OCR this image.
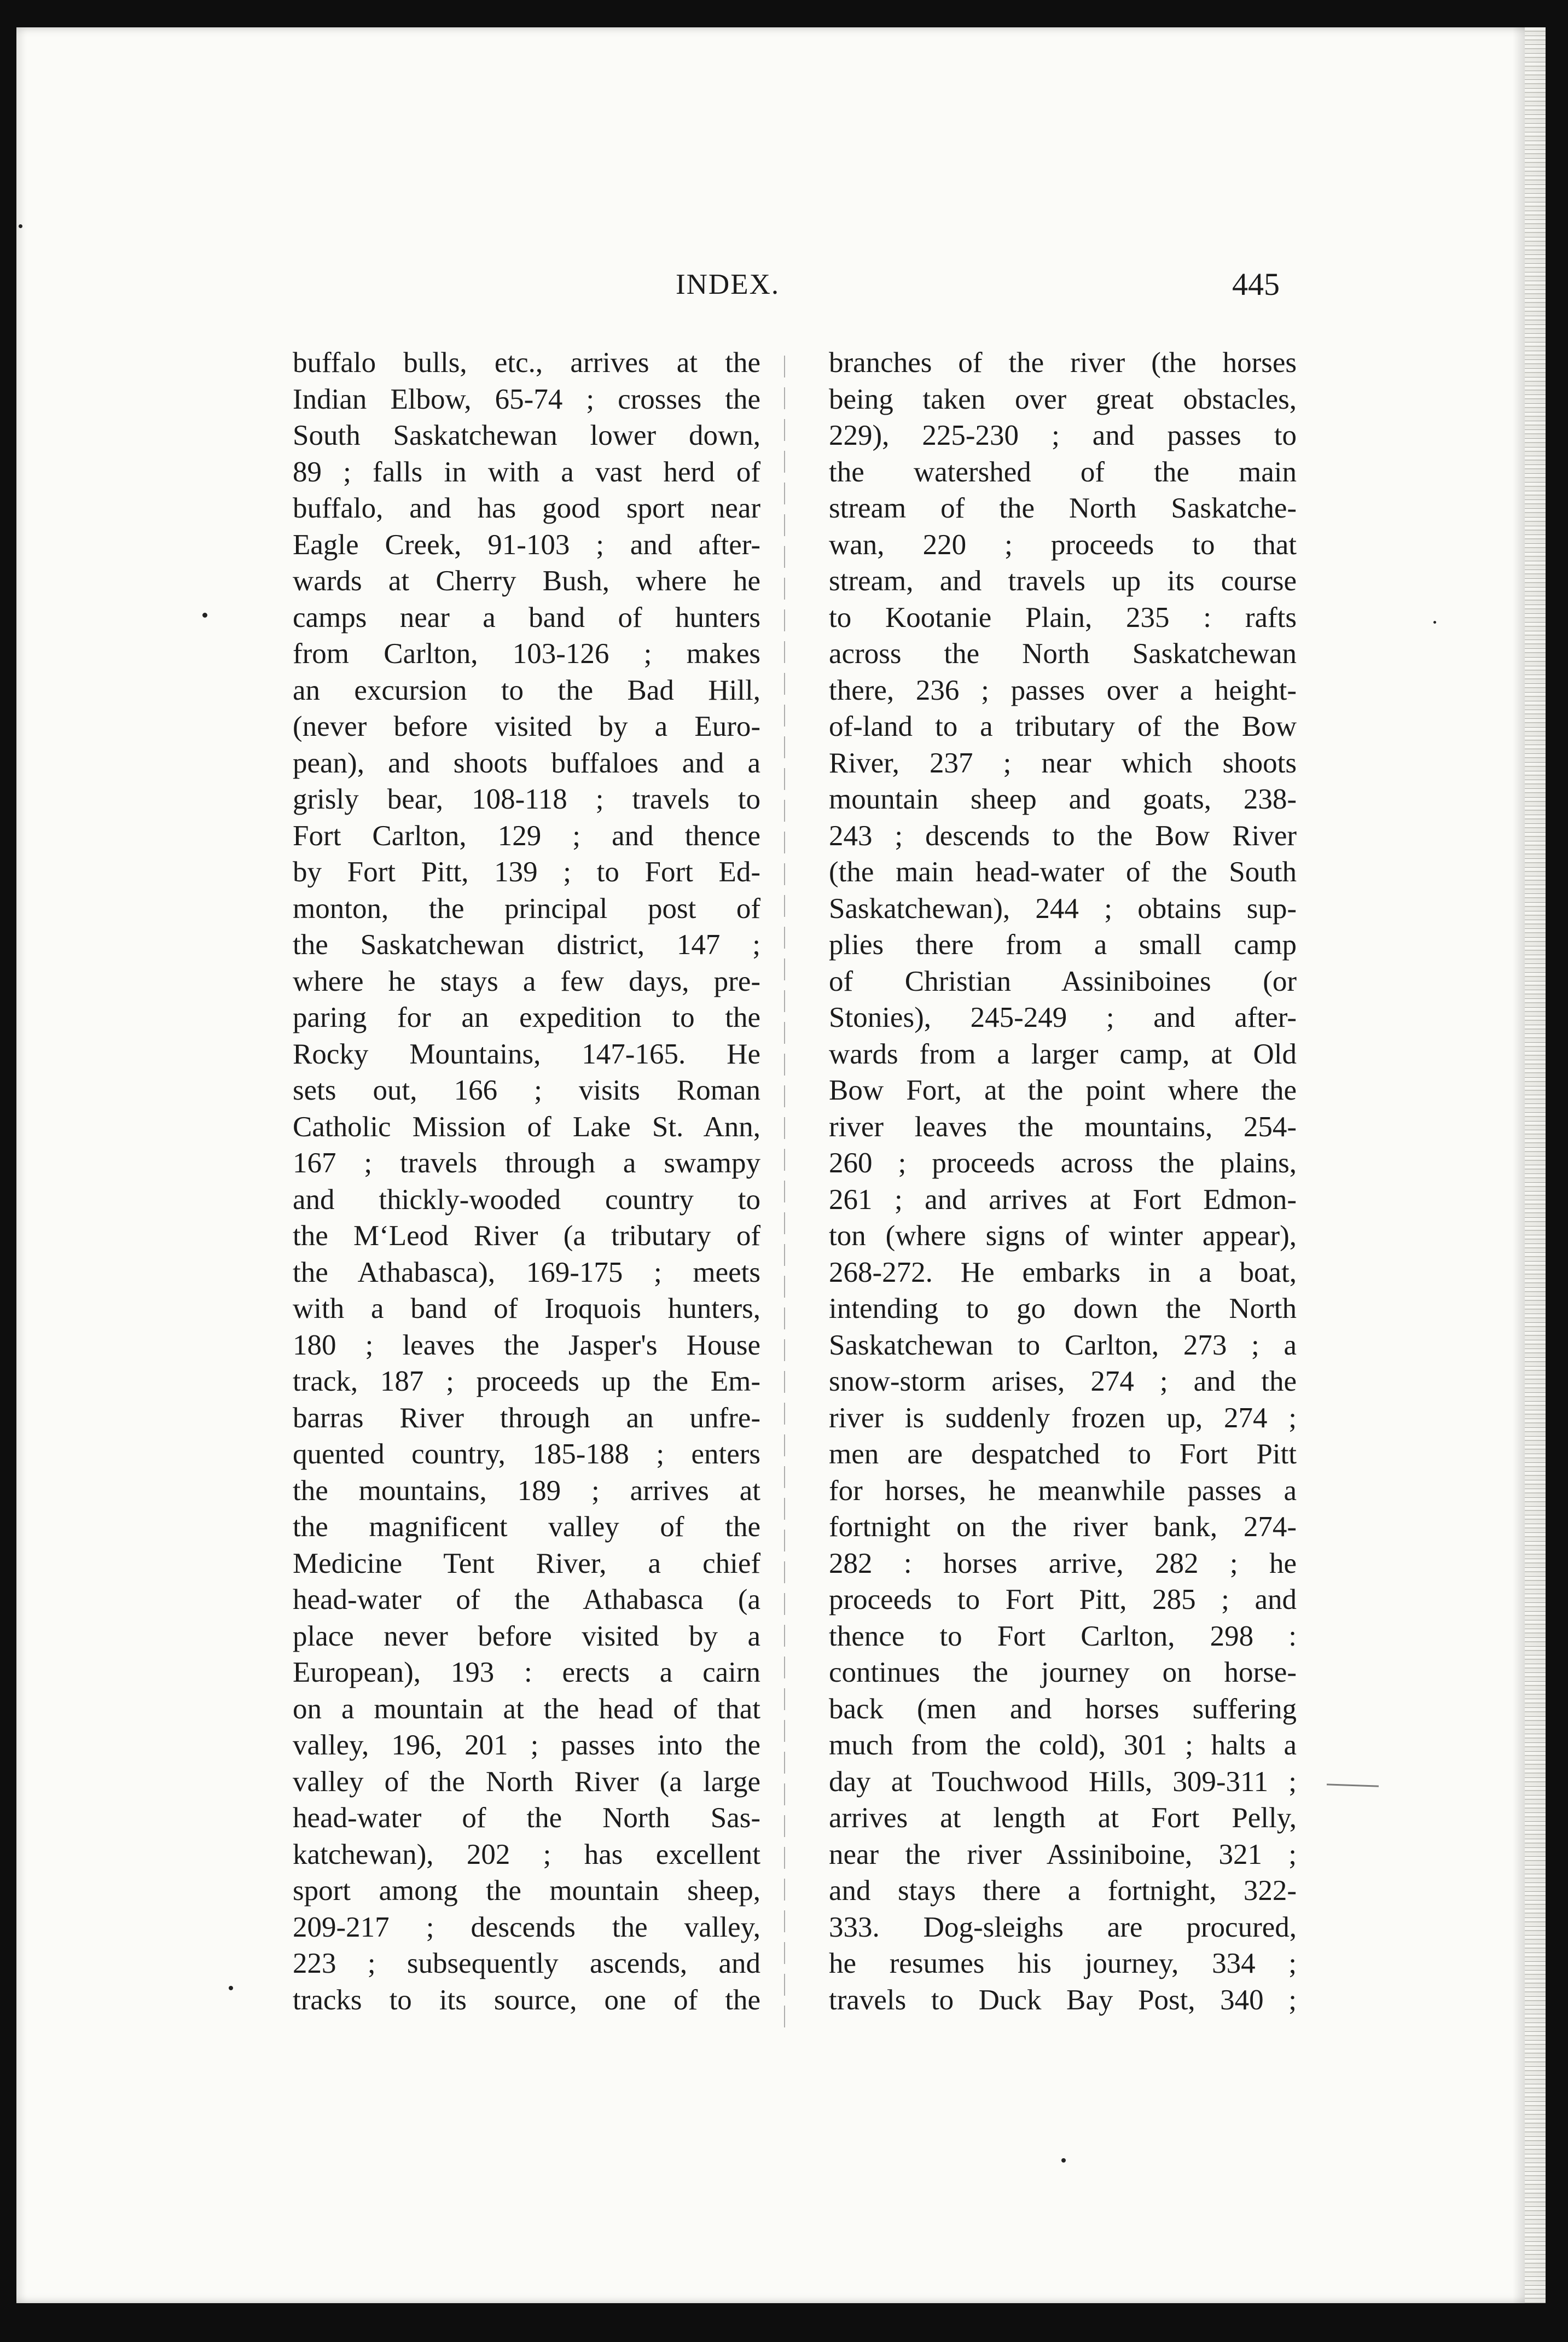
INDEX.	445
buffalo bulls, etc., arrives at the
Indian Elbow, 65-74 ; crosses the
South Saskatchewan lower down,
89 ; falls in with a vast herd of
buffalo, and has good sport near
Eagle Creek, 91-103 ; and after-
wards at Cherry Bush, where he
camps near a band of hunters
from Carlton, 103-126 ; makes
an excursion to the Bad Hill,
(never before visited by a Euro-
pean), and shoots buffaloes and a
grisly bear, 108-118 ; travels to
Fort Carlton, 129 ; and thence
by Fort Pitt, 139 ; to Fort Ed-
monton, the principal post of
the Saskatchewan district, 147 ;
where he stays a few days, pre-
paring for an expedition to the
Rocky Mountains, 147-165. He
sets out, 166 ; visits Roman
Catholic Mission of Lake St. Ann,
167 ; travels through a swampy
and thickly-wooded country to
the M‘Leod River (a tributary of
the Athabasca), 169-175 ; meets
with a band of Iroquois hunters,
180 ; leaves the Jasper's House
track, 187 ; proceeds up the Em-
barras River through an unfre-
quented country, 185-188 ; enters
the mountains, 189 ; arrives at
the magnificent valley of the
Medicine Tent River, a chief
head-water of the Athabasca (a
place never before visited by a
European), 193 : erects a cairn
on a mountain at the head of that
valley, 196, 201 ; passes into the
valley of the North River (a large
head-water of the North Sas-
katchewan), 202 ; has excellent
sport among the mountain sheep,
209-217 ; descends the valley,
223 ; subsequently ascends, and
tracks to its source, one of the
branches of the river (the horses
being taken over great obstacles,
229), 225-230 ; and passes to
the watershed of the main
stream of the North Saskatche-
wan, 220 ; proceeds to that
stream, and travels up its course
to Kootanie Plain, 235 : rafts
across the North Saskatchewan
there, 236 ; passes over a height-
of-land to a tributary of the Bow
River, 237 ; near which shoots
mountain sheep and goats, 238-
243 ; descends to the Bow River
(the main head-water of the South
Saskatchewan), 244 ; obtains sup-
plies there from a small camp
of Christian Assiniboines (or
Stonies), 245-249 ; and after-
wards from a larger camp, at Old
Bow Fort, at the point where the
river leaves the mountains, 254-
260 ; proceeds across the plains,
261 ; and arrives at Fort Edmon-
ton (where signs of winter appear),
268-272. He embarks in a boat,
intending to go down the North
Saskatchewan to Carlton, 273 ; a
snow-storm arises, 274 ; and the
river is suddenly frozen up, 274 ;
men are despatched to Fort Pitt
for horses, he meanwhile passes a
fortnight on the river bank, 274-
282 : horses arrive, 282 ; he
proceeds to Fort Pitt, 285 ; and
thence to Fort Carlton, 298 :
continues the journey on horse-
back (men and horses suffering
much from the cold), 301 ; halts a
day at Touchwood Hills, 309-311 ;
arrives at length at Fort Pelly,
near the river Assiniboine, 321 ;
and stays there a fortnight, 322-
333. Dog-sleighs are procured,
he resumes his journey, 334 ;
travels to Duck Bay Post, 340 ;
